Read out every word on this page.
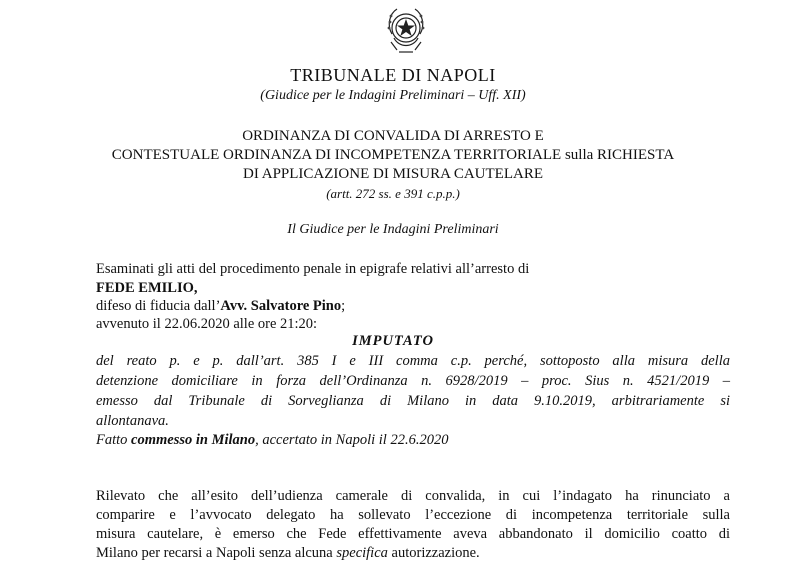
TRIBUNALE DI NAPOLI
(Giudice per le Indagini Preliminari – Uff. XII)
ORDINANZA DI CONVALIDA DI ARRESTO E
CONTESTUALE ORDINANZA DI INCOMPETENZA TERRITORIALE sulla RICHIESTA
DI APPLICAZIONE DI MISURA CAUTELARE
(artt. 272 ss. e 391 c.p.p.)
Il Giudice per le Indagini Preliminari
Esaminati gli atti del procedimento penale in epigrafe relativi all’arresto di
FEDE EMILIO,
difeso di fiducia dall’Avv. Salvatore Pino;
avvenuto il 22.06.2020 alle ore 21:20:
IMPUTATO
del reato p. e p. dall’art. 385 I e III comma c.p. perché, sottoposto alla misura della
detenzione domiciliare in forza dell’Ordinanza n. 6928/2019 – proc. Sius n. 4521/2019 –
emesso dal Tribunale di Sorveglianza di Milano in data 9.10.2019, arbitrariamente si
allontanava.
Fatto commesso in Milano, accertato in Napoli il 22.6.2020
Rilevato che all’esito dell’udienza camerale di convalida, in cui l’indagato ha rinunciato a
comparire e l’avvocato delegato ha sollevato l’eccezione di incompetenza territoriale sulla
misura cautelare, è emerso che Fede effettivamente aveva abbandonato il domicilio coatto di
Milano per recarsi a Napoli senza alcuna specifica autorizzazione.
